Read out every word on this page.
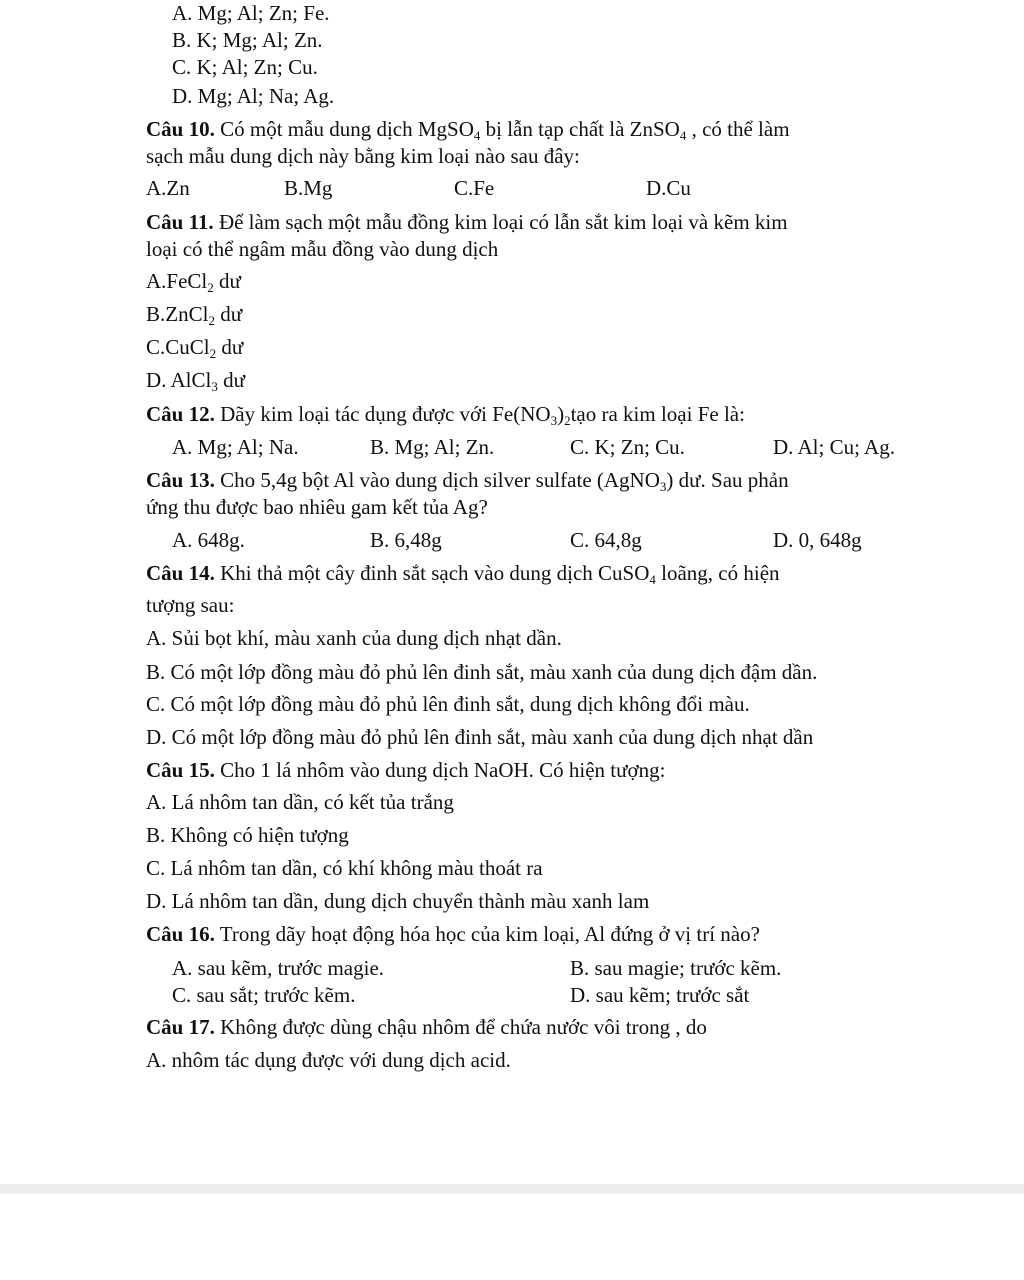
A. Mg; Al; Zn; Fe.
B. K; Mg; Al; Zn.
C. K; Al; Zn; Cu.
D. Mg; Al; Na; Ag.
Câu 10. Có một mẫu dung dịch MgSO$_4$ bị lẫn tạp chất là ZnSO$_4$ , có thể làm
sạch mẫu dung dịch này bằng kim loại nào sau đây:
A.Zn	B.Mg	C.Fe	D.Cu
Câu 11. Để làm sạch một mẫu đồng kim loại có lẫn sắt kim loại và kẽm kim
loại có thể ngâm mẫu đồng vào dung dịch
A.FeCl$_2$ dư
B.ZnCl$_2$ dư
C.CuCl$_2$ dư
D. AlCl$_3$ dư
Câu 12. Dãy kim loại tác dụng được với $Fe(NO_3)_2tạo$ ra kim loại Fe là:
A. Mg; Al; Na.	B. Mg; Al; Zn.	C. K; Zn; Cu.	D. Al; Cu; Ag.
Câu 13. Cho 5,4g bột Al vào dung dịch silver sulfate (AgNO$_3$) dư. Sau phản
ứng thu được bao nhiêu gam kết tủa Ag?
A. 648g.	B. 6,48g	C. 64,8g	D. 0, 648g
Câu 14. Khi thả một cây đinh sắt sạch vào dung dịch CuSO$_4$ loãng, có hiện
tượng sau:
A. Sủi bọt khí, màu xanh của dung dịch nhạt dần.
B. Có một lớp đồng màu đỏ phủ lên đinh sắt, màu xanh của dung dịch đậm dần.
C. Có một lớp đồng màu đỏ phủ lên đinh sắt, dung dịch không đổi màu.
D. Có một lớp đồng màu đỏ phủ lên đinh sắt, màu xanh của dung dịch nhạt dần
Câu 15. Cho 1 lá nhôm vào dung dịch NaOH. Có hiện tượng:
A. Lá nhôm tan dần, có kết tủa trắng
B. Không có hiện tượng
C. Lá nhôm tan dần, có khí không màu thoát ra
D. Lá nhôm tan dần, dung dịch chuyển thành màu xanh lam
Câu 16. Trong dãy hoạt động hóa học của kim loại, Al đứng ở vị trí nào?
A. sau kẽm, trước magie.	B. sau magie; trước kẽm.
C. sau sắt; trước kẽm.	D. sau kẽm; trước sắt
Câu 17. Không được dùng chậu nhôm để chứa nước vôi trong , do
A. nhôm tác dụng được với dung dịch acid.
